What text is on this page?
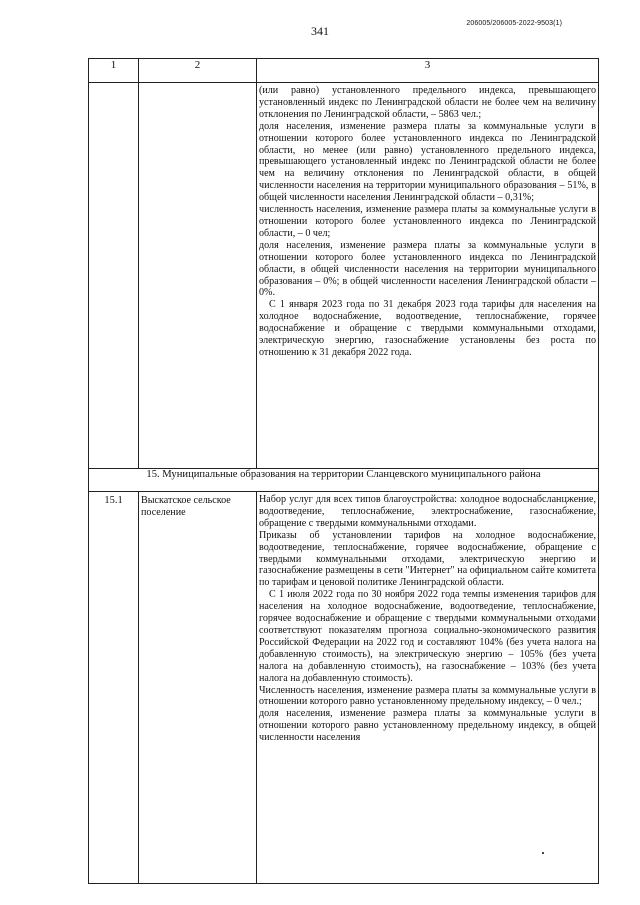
341
206005/206005-2022-9503(1)
1	2	3

		(или равно) установленного предельного индекса, превышающего установленный индекс по Ленинградской области не более чем на величину отклонения по Ленинградской области, – 5863 чел.;

доля населения, изменение размера платы за коммунальные услуги в отношении которого более установленного индекса по Ленинградской области, но менее (или равно) установленного предельного индекса, превышающего установленный индекс по Ленинградской области не более чем на величину отклонения по Ленинградской области, в общей численности населения на территории муниципального образования – 51%, в общей численности населения Ленинградской области – 0,31%;

численность населения, изменение размера платы за коммунальные услуги в отношении которого более установленного индекса по Ленинградской области, – 0 чел;

доля населения, изменение размера платы за коммунальные услуги в отношении которого более установленного индекса по Ленинградской области, в общей численности населения на территории муниципального образования – 0%; в общей численности населения Ленинградской области – 0%.

С 1 января 2023 года по 31 декабря 2023 года тарифы для населения на холодное водоснабжение, водоотведение, теплоснабжение, горячее водоснабжение и обращение с твердыми коммунальными отходами, электрическую энергию, газоснабжение установлены без роста по отношению к 31 декабря 2022 года.

15. Муниципальные образования на территории Сланцевского муниципального района		
15.1	Выскатское сельское поселение	Набор услуг для всех типов благоустройства: холодное водоснабсланцжение, водоотведение, теплоснабжение, электроснабжение, газоснабжение, обращение с твердыми коммунальными отходами.

Приказы об установлении тарифов на холодное водоснабжение, водоотведение, теплоснабжение, горячее водоснабжение, обращение с твердыми коммунальными отходами, электрическую энергию и газоснабжение размещены в сети "Интернет" на официальном сайте комитета по тарифам и ценовой политике Ленинградской области.

С 1 июля 2022 года по 30 ноября 2022 года темпы изменения тарифов для населения на холодное водоснабжение, водоотведение, теплоснабжение, горячее водоснабжение и обращение с твердыми коммунальными отходами соответствуют показателям прогноза социально-экономического развития Российской Федерации на 2022 год и составляют 104% (без учета налога на добавленную стоимость), на электрическую энергию – 105% (без учета налога на добавленную стоимость), на газоснабжение – 103% (без учета налога на добавленную стоимость).

Численность населения, изменение размера платы за коммунальные услуги в отношении которого равно установленному предельному индексу, – 0 чел.;

доля населения, изменение размера платы за коммунальные услуги в отношении которого равно установленному предельному индексу, в общей численности населения
